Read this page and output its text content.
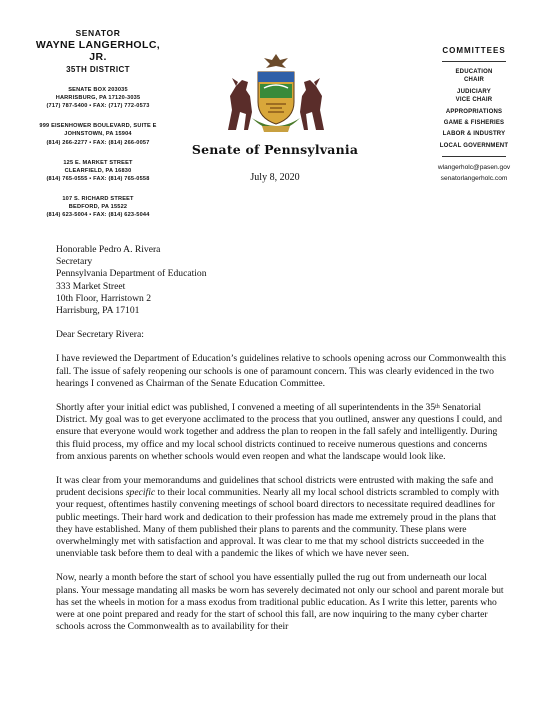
SENATOR
WAYNE LANGERHOLC, JR.
35TH DISTRICT
SENATE BOX 203035
HARRISBURG, PA 17120-3035
(717) 787-5400 • FAX: (717) 772-0573
999 EISENHOWER BOULEVARD, SUITE E
JOHNSTOWN, PA 15904
(814) 266-2277 • FAX: (814) 266-0057
125 E. MARKET STREET
CLEARFIELD, PA 16830
(814) 765-0555 • FAX: (814) 765-0558
107 S. RICHARD STREET
BEDFORD, PA 15522
(814) 623-5004 • FAX: (814) 623-5044
Senate of Pennsylvania
July 8, 2020
COMMITTEES
EDUCATION
CHAIR
JUDICIARY
VICE CHAIR
APPROPRIATIONS
GAME & FISHERIES
LABOR & INDUSTRY
LOCAL GOVERNMENT
wlangerholc@pasen.gov
senatorlangerholc.com
Honorable Pedro A. Rivera
Secretary
Pennsylvania Department of Education
333 Market Street
10th Floor, Harristown 2
Harrisburg, PA 17101

Dear Secretary Rivera:

I have reviewed the Department of Education’s guidelines relative to schools opening across our Commonwealth this fall. The issue of safely reopening our schools is one of paramount concern. This was clearly evidenced in the two hearings I convened as Chairman of the Senate Education Committee.

Shortly after your initial edict was published, I convened a meeting of all superintendents in the 35th Senatorial District. My goal was to get everyone acclimated to the process that you outlined, answer any questions I could, and ensure that everyone would work together and address the plan to reopen in the fall safely and intelligently. During this fluid process, my office and my local school districts continued to receive numerous questions and concerns from anxious parents on whether schools would even reopen and what the landscape would look like.

It was clear from your memorandums and guidelines that school districts were entrusted with making the safe and prudent decisions specific to their local communities. Nearly all my local school districts scrambled to comply with your request, oftentimes hastily convening meetings of school board directors to necessitate required deadlines for public meetings. Their hard work and dedication to their profession has made me extremely proud in the plans that they have established. Many of them published their plans to parents and the community. These plans were overwhelmingly met with satisfaction and approval. It was clear to me that my school districts succeeded in the unenviable task before them to deal with a pandemic the likes of which we have never seen.

Now, nearly a month before the start of school you have essentially pulled the rug out from underneath our local plans. Your message mandating all masks be worn has severely decimated not only our school and parent morale but has set the wheels in motion for a mass exodus from traditional public education. As I write this letter, parents who were at one point prepared and ready for the start of school this fall, are now inquiring to the many cyber charter schools across the Commonwealth as to availability for their
